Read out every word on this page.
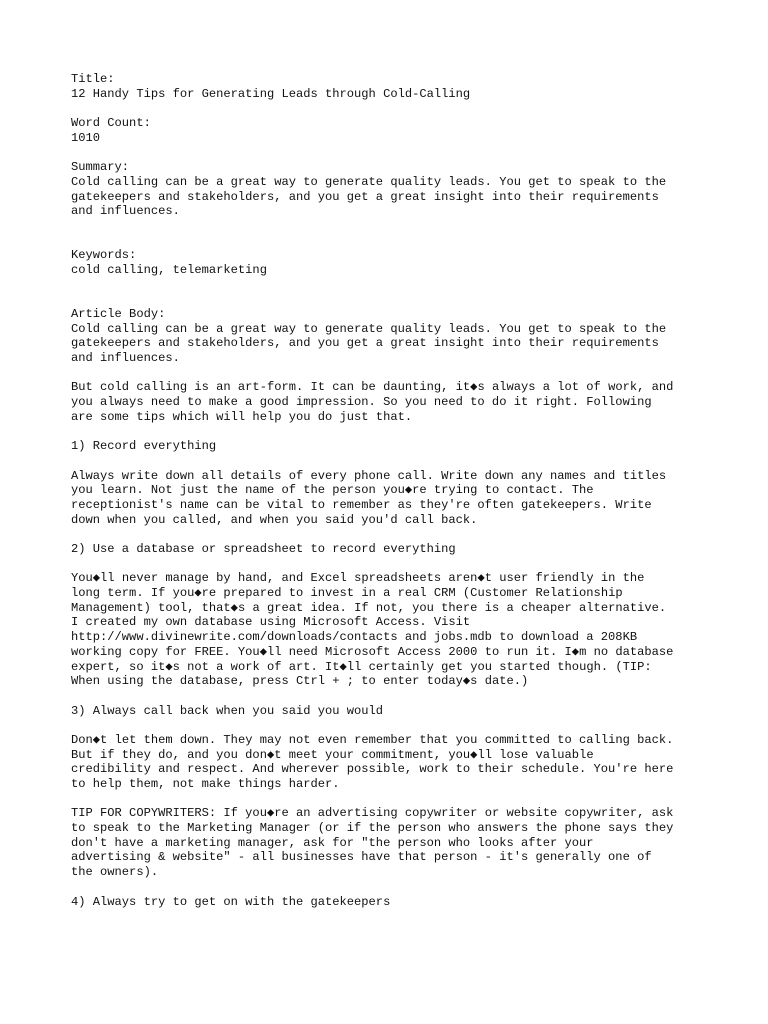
Title:
12 Handy Tips for Generating Leads through Cold-Calling
Word Count:
1010
Summary:
Cold calling can be a great way to generate quality leads. You get to speak to the
gatekeepers and stakeholders, and you get a great insight into their requirements
and influences.
Keywords:
cold calling, telemarketing
Article Body:
Cold calling can be a great way to generate quality leads. You get to speak to the
gatekeepers and stakeholders, and you get a great insight into their requirements
and influences.
But cold calling is an art-form. It can be daunting, it◆s always a lot of work, and
you always need to make a good impression. So you need to do it right. Following
are some tips which will help you do just that.
1) Record everything
Always write down all details of every phone call. Write down any names and titles
you learn. Not just the name of the person you◆re trying to contact. The
receptionist's name can be vital to remember as they're often gatekeepers. Write
down when you called, and when you said you'd call back.
2) Use a database or spreadsheet to record everything
You◆ll never manage by hand, and Excel spreadsheets aren◆t user friendly in the
long term. If you◆re prepared to invest in a real CRM (Customer Relationship
Management) tool, that◆s a great idea. If not, you there is a cheaper alternative.
I created my own database using Microsoft Access. Visit
http://www.divinewrite.com/downloads/contacts and jobs.mdb to download a 208KB
working copy for FREE. You◆ll need Microsoft Access 2000 to run it. I◆m no database
expert, so it◆s not a work of art. It◆ll certainly get you started though. (TIP:
When using the database, press Ctrl + ; to enter today◆s date.)
3) Always call back when you said you would
Don◆t let them down. They may not even remember that you committed to calling back.
But if they do, and you don◆t meet your commitment, you◆ll lose valuable
credibility and respect. And wherever possible, work to their schedule. You're here
to help them, not make things harder.
TIP FOR COPYWRITERS: If you◆re an advertising copywriter or website copywriter, ask
to speak to the Marketing Manager (or if the person who answers the phone says they
don't have a marketing manager, ask for "the person who looks after your
advertising & website" - all businesses have that person - it's generally one of
the owners).
4) Always try to get on with the gatekeepers
